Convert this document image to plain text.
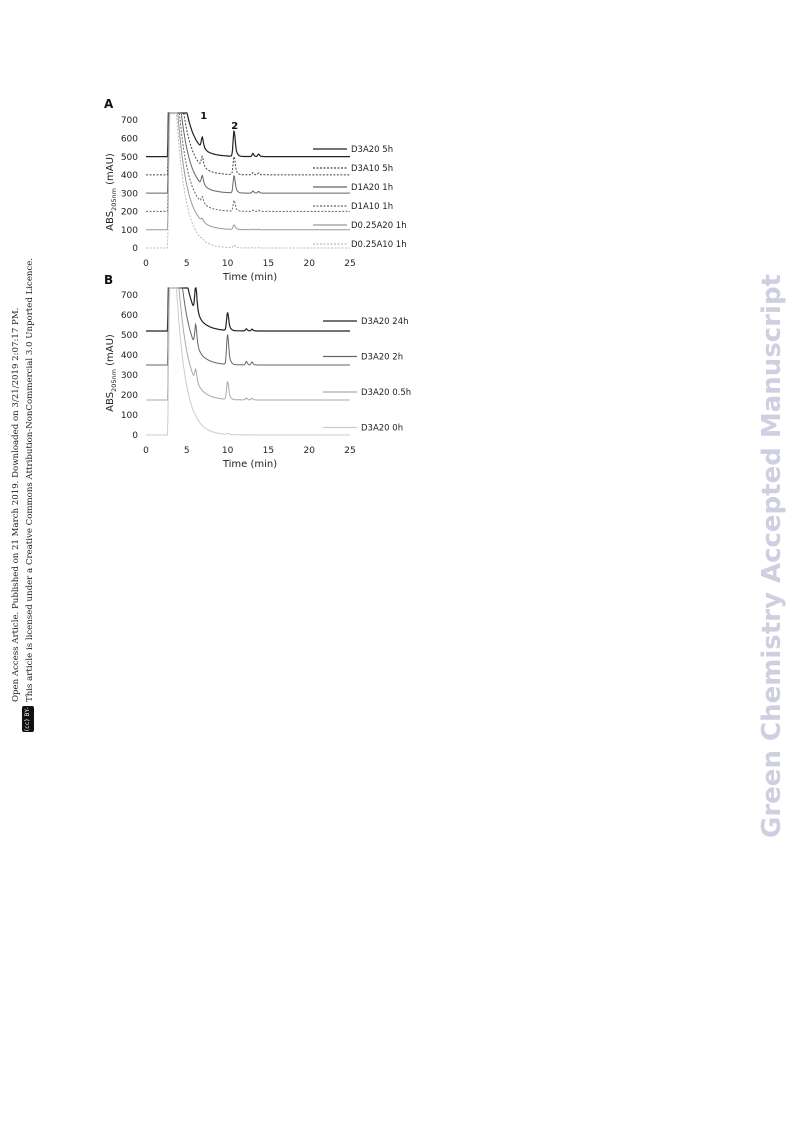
A
0
100
200
300
400
500
600
700
0	5	10	15	20	25
Time (min)
$ABS_{205nm}$ (mAU)
1
2
D3A20 5h
D3A10 5h
D1A20 1h
D1A10 1h
D0.25A20 1h
D0.25A10 1h
B
0
100
200
300
400
500
600
700
0	5	10	15	20	25
Time (min)
$ABS_{205nm}$ (mAU)
D3A20 24h
D3A20 2h
D3A20 0.5h
D3A20 0h
(cc) BY-NC
Open Access Article. Published on 21 March 2019. Downloaded on 3/21/2019 2:07:17 PM. This article is licensed under a Creative Commons Attribution-NonCommercial 3.0 Unported Licence.	Green Chemistry Accepted Manuscript
